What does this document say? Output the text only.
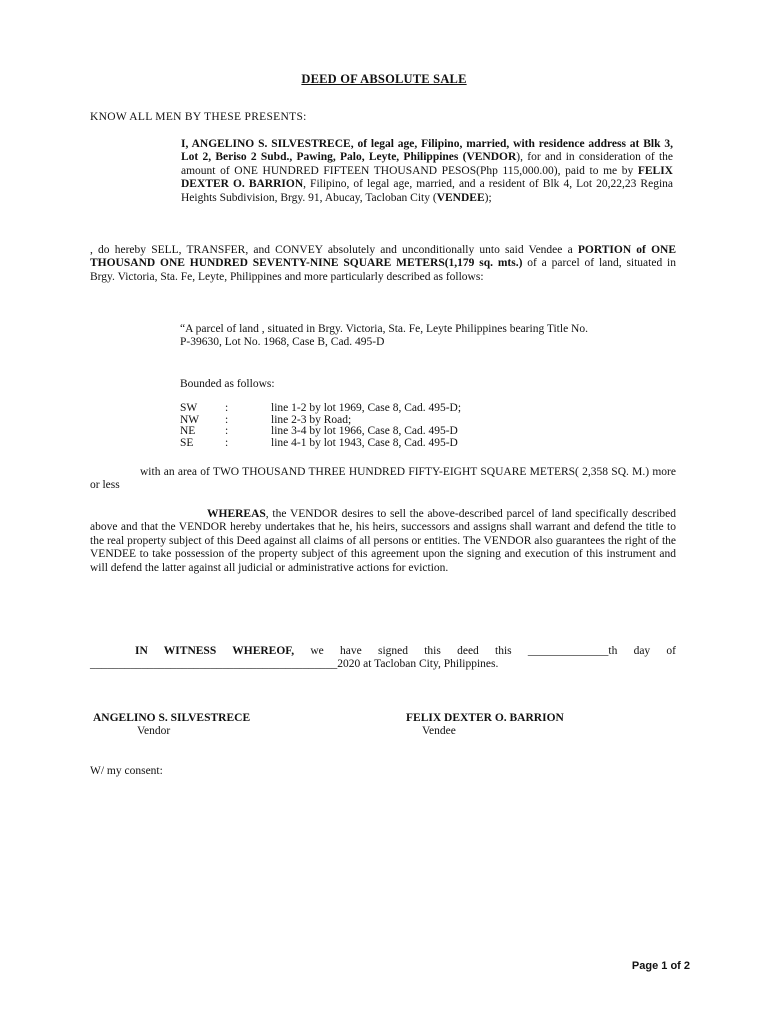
DEED OF ABSOLUTE SALE
KNOW ALL MEN BY THESE PRESENTS:
I, ANGELINO S. SILVESTRECE, of legal age, Filipino, married, with residence address at Blk 3, Lot 2, Beriso 2 Subd., Pawing, Palo, Leyte, Philippines (VENDOR), for and in consideration of the amount of ONE HUNDRED FIFTEEN THOUSAND PESOS(Php 115,000.00), paid to me by FELIX DEXTER O. BARRION, Filipino, of legal age, married, and a resident of Blk 4, Lot 20,22,23 Regina Heights Subdivision, Brgy. 91, Abucay, Tacloban City (VENDEE);
, do hereby SELL, TRANSFER, and CONVEY absolutely and unconditionally unto said Vendee a PORTION of ONE THOUSAND ONE HUNDRED SEVENTY-NINE SQUARE METERS(1,179 sq. mts.) of a parcel of land, situated in Brgy. Victoria, Sta. Fe, Leyte, Philippines and more particularly described as follows:
“A parcel of land , situated in Brgy. Victoria, Sta. Fe, Leyte Philippines bearing Title No. P-39630, Lot No. 1968, Case B, Cad. 495-D
Bounded as follows:
SW	:	line 1-2 by lot 1969, Case 8, Cad. 495-D;
NW	:	line 2-3 by Road;
NE	:	line 3-4 by lot 1966, Case 8, Cad. 495-D
SE	:	line 4-1 by lot 1943, Case 8, Cad. 495-D
with an area of TWO THOUSAND THREE HUNDRED FIFTY-EIGHT SQUARE METERS( 2,358 SQ. M.) more or less
WHEREAS, the VENDOR desires to sell the above-described parcel of land specifically described above and that the VENDOR hereby undertakes that he, his heirs, successors and assigns shall warrant and defend the title to the real property subject of this Deed against all claims of all persons or entities. The VENDOR also guarantees the right of the VENDEE to take possession of the property subject of this agreement upon the signing and execution of this instrument and will defend the latter against all judicial or administrative actions for eviction.
IN WITNESS WHEREOF, we have signed this deed this ______________th day of ___________________________________________2020 at Tacloban City, Philippines.
ANGELINO S. SILVESTRECE
Vendor
FELIX DEXTER O. BARRION
Vendee
W/ my consent:
Page 1 of 2
